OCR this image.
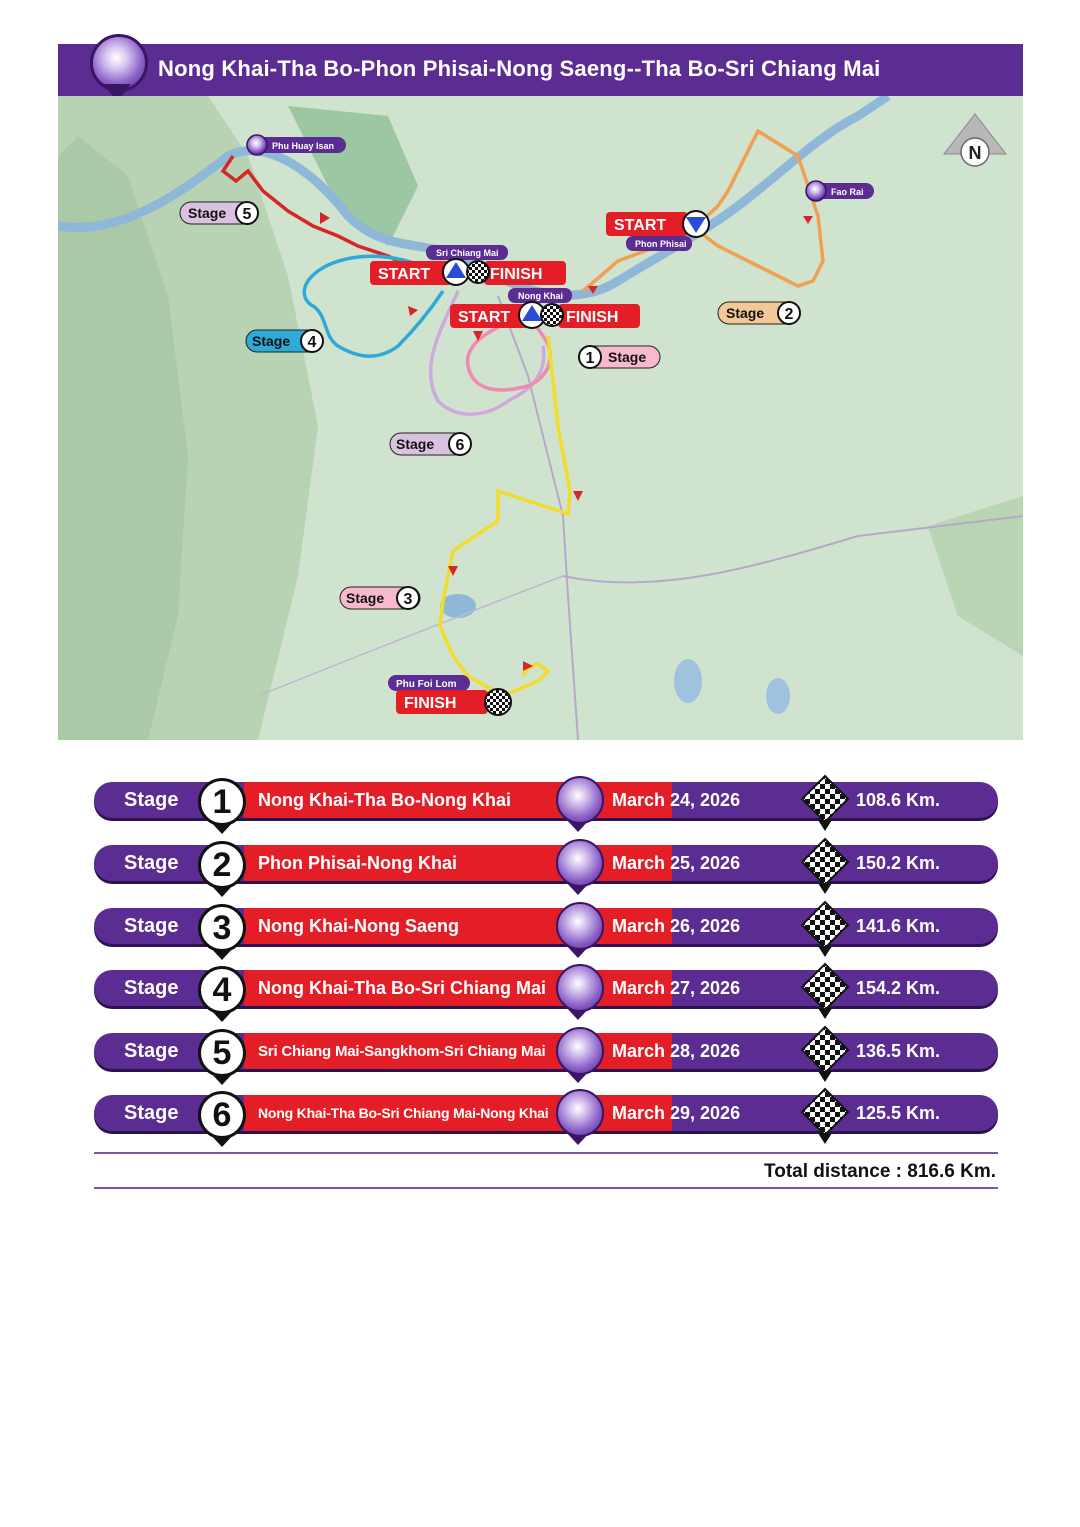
Nong Khai-Tha Bo-Phon Phisai-Nong Saeng--Tha Bo-Sri Chiang Mai
N
Phu Huay Isan
Fao Rai
Sri Chiang Mai
Nong Khai
Phon Phisai
Phu Foi Lom
START	FINISH
START	FINISH
START
FINISH
Stage 5
Stage 4
Stage 2
1 Stage
Stage 6
Stage 3
Stage	1	Nong Khai-Tha Bo-Nong Khai	March 24, 2026	108.6 Km.
Stage	2	Phon Phisai-Nong Khai	March 25, 2026	150.2 Km.
Stage	3	Nong Khai-Nong Saeng	March 26, 2026	141.6 Km.
Stage	4	Nong Khai-Tha Bo-Sri Chiang Mai	March 27, 2026	154.2 Km.
Stage	5	Sri Chiang Mai-Sangkhom-Sri Chiang Mai	March 28, 2026	136.5 Km.
Stage	6	Nong Khai-Tha Bo-Sri Chiang Mai-Nong Khai	March 29, 2026	125.5 Km.
Total distance : 816.6 Km.
